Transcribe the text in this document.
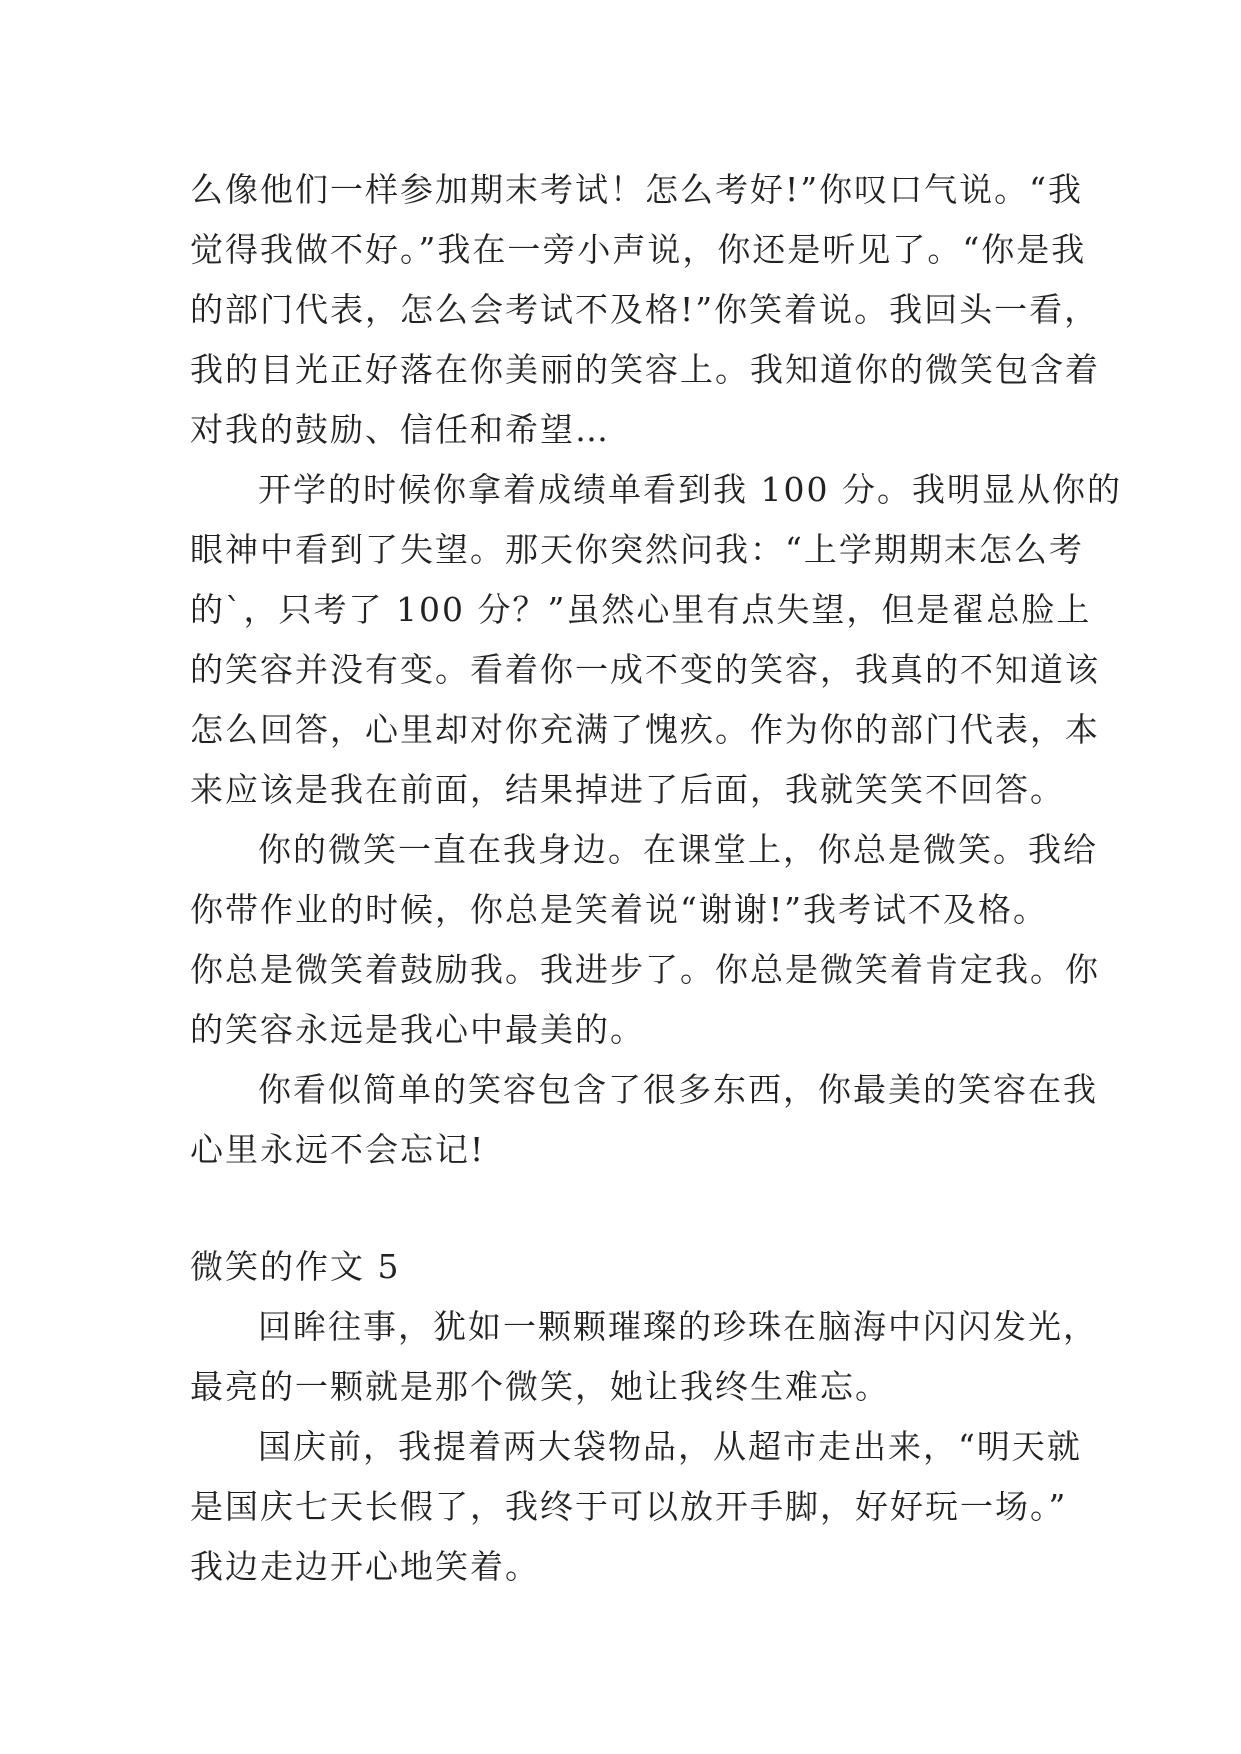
么像他们一样参加期末考试！怎么考好!”你叹口气说。“我
觉得我做不好。”我在一旁小声说，你还是听见了。“你是我
的部门代表，怎么会考试不及格!”你笑着说。我回头一看，
我的目光正好落在你美丽的笑容上。我知道你的微笑包含着
对我的鼓励、信任和希望…
开学的时候你拿着成绩单看到我 100 分。我明显从你的
眼神中看到了失望。那天你突然问我：“上学期期末怎么考
的`，只考了 100 分？”虽然心里有点失望，但是翟总脸上
的笑容并没有变。看着你一成不变的笑容，我真的不知道该
怎么回答，心里却对你充满了愧疚。作为你的部门代表，本
来应该是我在前面，结果掉进了后面，我就笑笑不回答。
你的微笑一直在我身边。在课堂上，你总是微笑。我给
你带作业的时候，你总是笑着说“谢谢!”我考试不及格。
你总是微笑着鼓励我。我进步了。你总是微笑着肯定我。你
的笑容永远是我心中最美的。
你看似简单的笑容包含了很多东西，你最美的笑容在我
心里永远不会忘记!
微笑的作文 5
回眸往事，犹如一颗颗璀璨的珍珠在脑海中闪闪发光，
最亮的一颗就是那个微笑，她让我终生难忘。
国庆前，我提着两大袋物品，从超市走出来，“明天就
是国庆七天长假了，我终于可以放开手脚，好好玩一场。”
我边走边开心地笑着。
